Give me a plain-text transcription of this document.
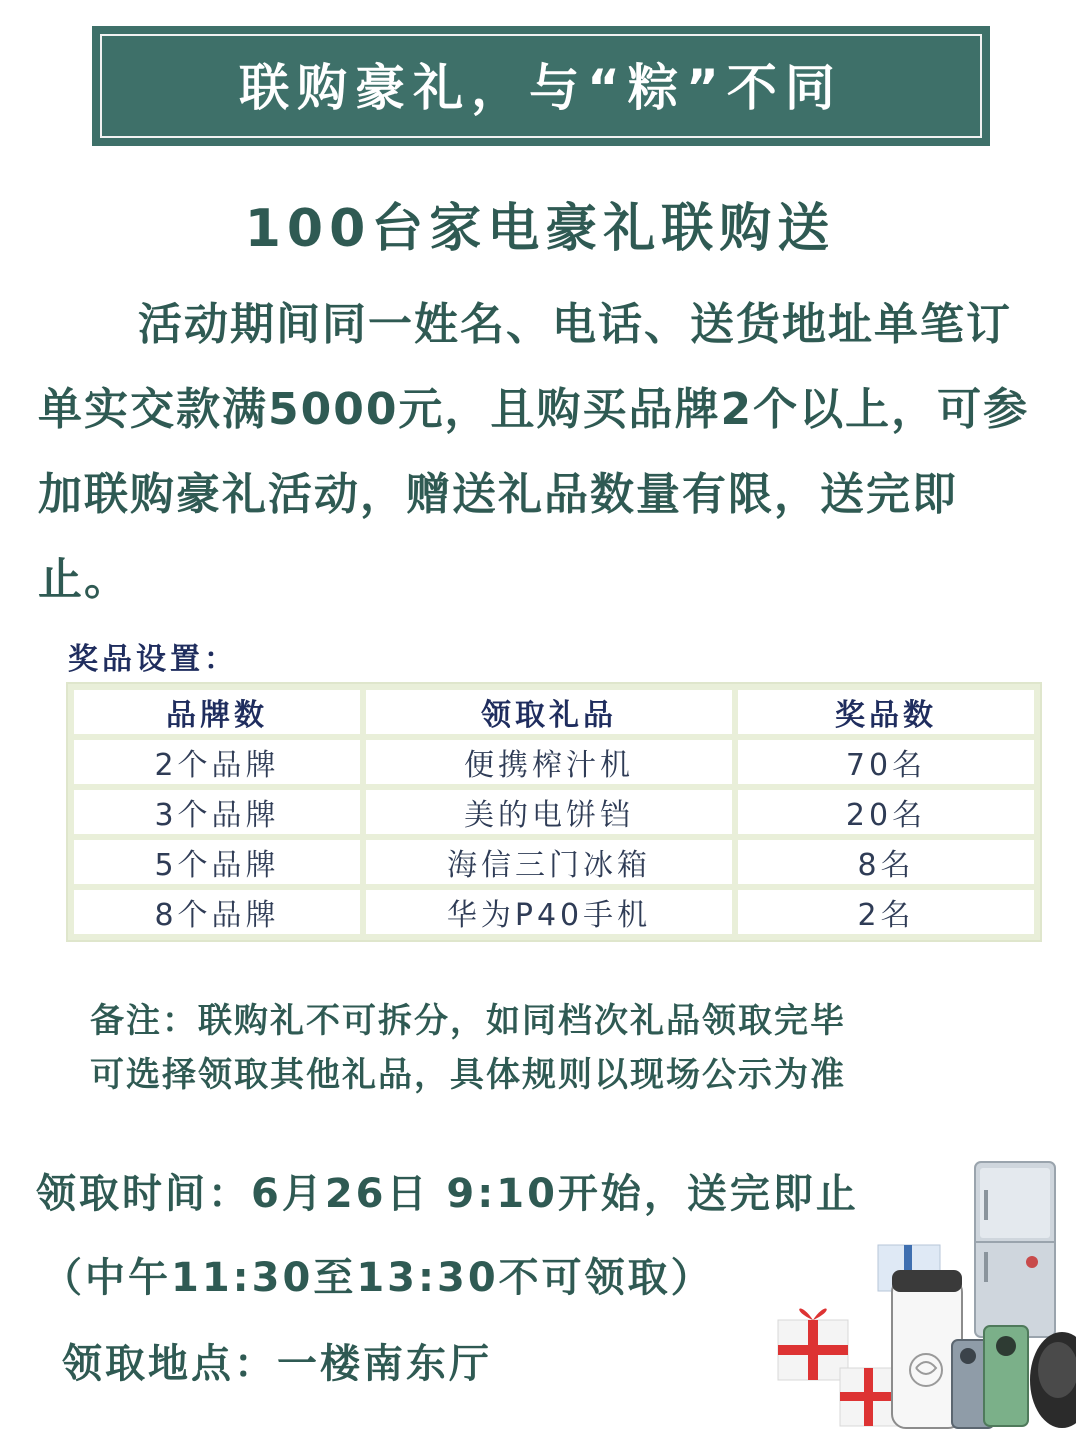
联购豪礼，与“粽”不同
100台家电豪礼联购送

活动期间同一姓名、电话、送货地址单笔订单实交款满5000元，且购买品牌2个以上，可参加联购豪礼活动，赠送礼品数量有限，送完即止。

奖品设置：
品牌数	领取礼品	奖品数
2个品牌	便携榨汁机	70名
3个品牌	美的电饼铛	20名
5个品牌	海信三门冰箱	8名
8个品牌	华为P40手机	2名
备注：联购礼不可拆分，如同档次礼品领取完毕
可选择领取其他礼品，具体规则以现场公示为准
领取时间：6月26日 9:10开始，送完即止
（中午11:30至13:30不可领取）
领取地点：一楼南东厅
